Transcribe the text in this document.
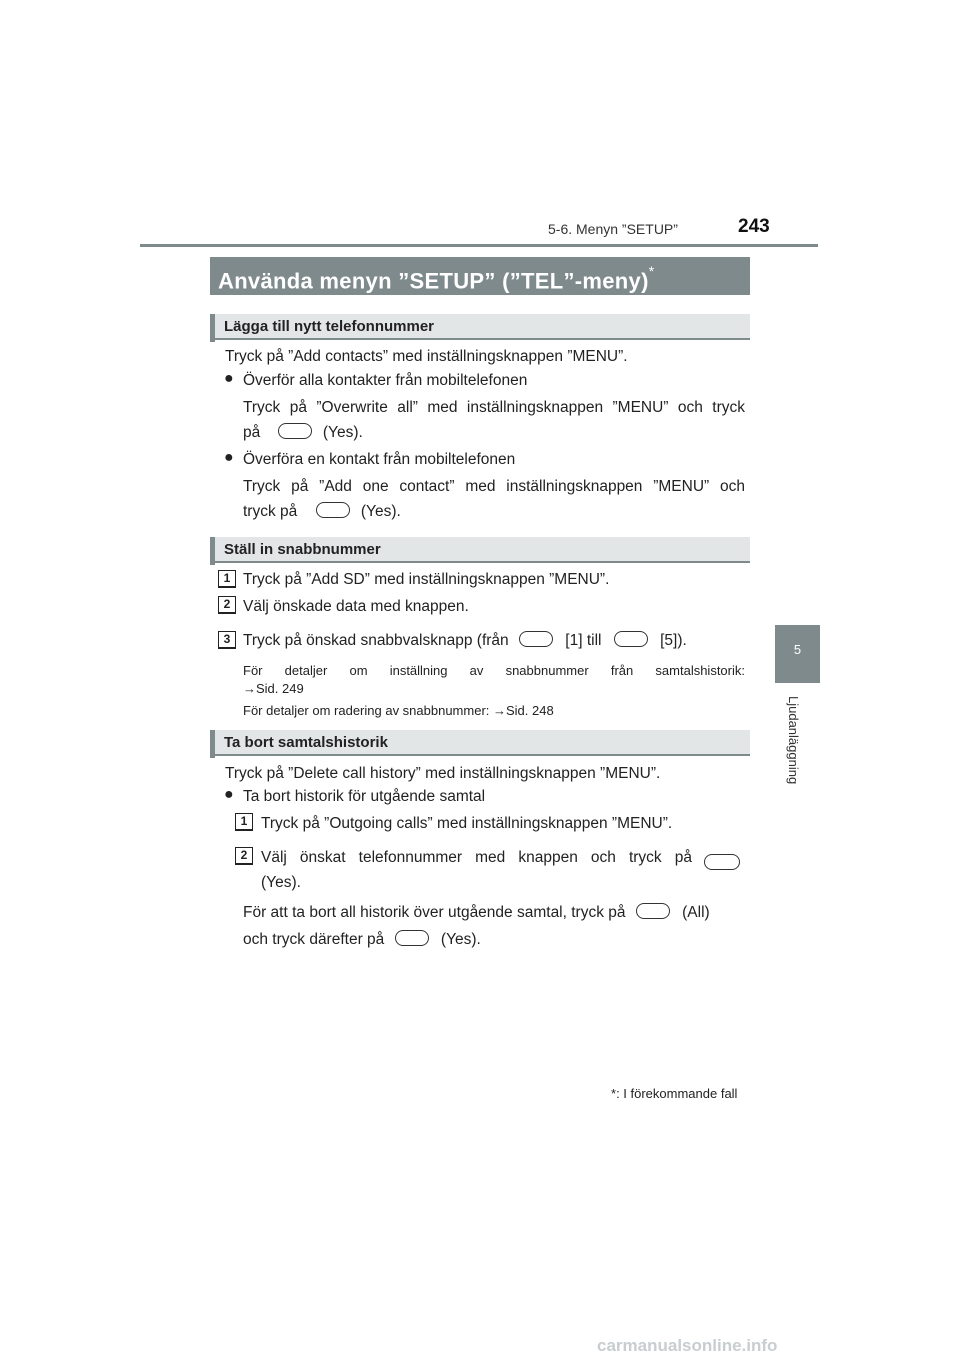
5-6. Menyn ”SETUP”	243
5
Ljudanläggning
Använda menyn ”SETUP” (”TEL”-meny)*
Lägga till nytt telefonnummer
Tryck på ”Add contacts” med inställningsknappen ”MENU”.
● Överför alla kontakter från mobiltelefonen
Tryck på ”Overwrite all” med inställningsknappen ”MENU” och tryck
på	(Yes).
● Överföra en kontakt från mobiltelefonen
Tryck på ”Add one contact” med inställningsknappen ”MENU” och
tryck på	(Yes).
Ställ in snabbnummer
1 Tryck på ”Add SD” med inställningsknappen ”MENU”.
2 Välj önskade data med knappen.
3 Tryck på önskad snabbvalsknapp (från	[1] till	[5]).
För detaljer om inställning av snabbnummer från samtalshistorik:
→Sid. 249
För detaljer om radering av snabbnummer: →Sid. 248
Ta bort samtalshistorik
Tryck på ”Delete call history” med inställningsknappen ”MENU”.
● Ta bort historik för utgående samtal
1 Tryck på ”Outgoing calls” med inställningsknappen ”MENU”.
2 Välj önskat telefonnummer med knappen och tryck på
(Yes).
För att ta bort all historik över utgående samtal, tryck på	(All)
och tryck därefter på	(Yes).
*: I förekommande fall
carmanualsonline.info
